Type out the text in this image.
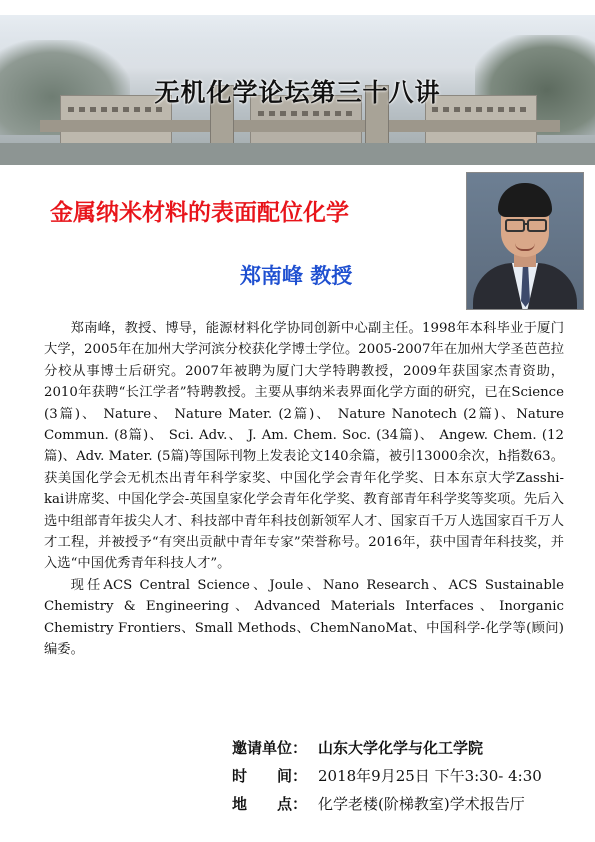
无机化学论坛第三十八讲
金属纳米材料的表面配位化学
郑南峰 教授

郑南峰，教授、博导，能源材料化学协同创新中心副主任。1998年本科毕业于厦门大学，2005年在加州大学河滨分校获化学博士学位。2005-2007年在加州大学圣芭芭拉分校从事博士后研究。2007年被聘为厦门大学特聘教授，2009年获国家杰青资助，2010年获聘“长江学者”特聘教授。主要从事纳米表界面化学方面的研究，已在Science (3篇)、 Nature、 Nature Mater. (2篇)、 Nature Nanotech (2篇)、Nature Commun. (8篇)、 Sci. Adv.、 J. Am. Chem. Soc. (34篇)、 Angew. Chem. (12篇)、Adv. Mater. (5篇)等国际刊物上发表论文140余篇，被引13000余次，h指数63。获美国化学会无机杰出青年科学家奖、中国化学会青年化学奖、日本东京大学Zasshi-kai讲席奖、中国化学会-英国皇家化学会青年化学奖、教育部青年科学奖等奖项。先后入选中组部青年拔尖人才、科技部中青年科技创新领军人才、国家百千万人选国家百千万人才工程，并被授予“有突出贡献中青年专家”荣誉称号。2016年，获中国青年科技奖，并入选“中国优秀青年科技人才”。

现任ACS Central Science、Joule、Nano Research、ACS Sustainable Chemistry & Engineering、Advanced Materials Interfaces、Inorganic Chemistry Frontiers、Small Methods、ChemNanoMat、中国科学-化学等(顾问)编委。

邀请单位： 山东大学化学与化工学院
时　　间： 2018年9月25日 下午3:30- 4:30
地　　点： 化学老楼(阶梯教室)学术报告厅
